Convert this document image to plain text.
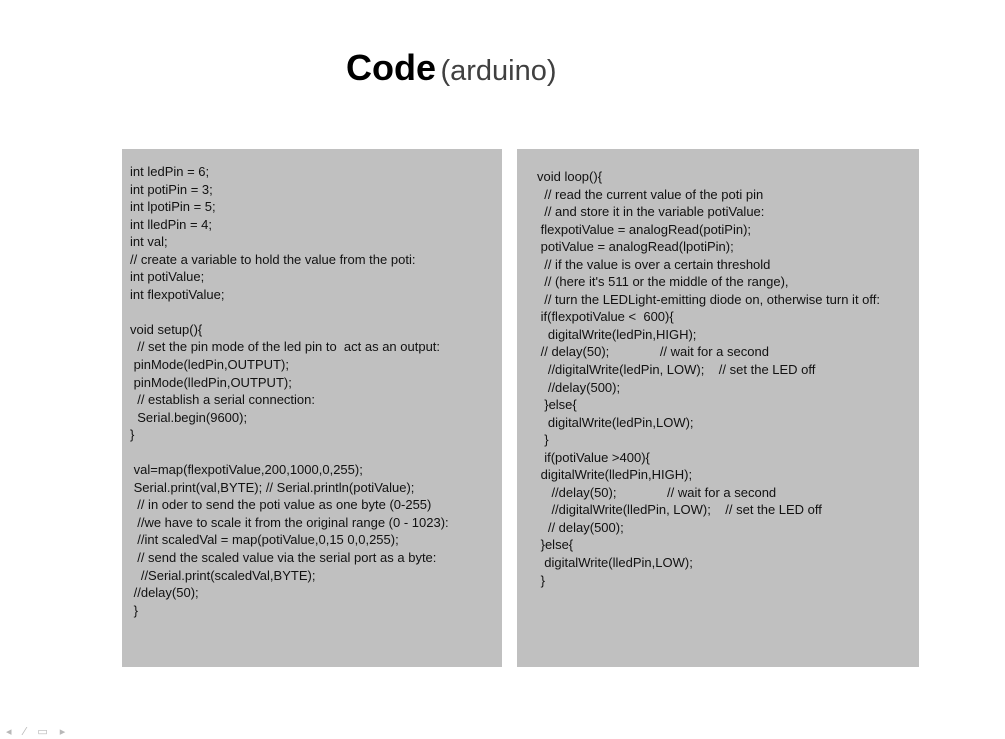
Code (arduino)
int ledPin = 6;
int potiPin = 3;
int lpotiPin = 5;
int lledPin = 4;
int val;
// create a variable to hold the value from the poti:
int potiValue;
int flexpotiValue;
void setup(){
// set the pin mode of the led pin to  act as an output:
pinMode(ledPin,OUTPUT);
pinMode(lledPin,OUTPUT);
// establish a serial connection:
Serial.begin(9600);
}
val=map(flexpotiValue,200,1000,0,255);
Serial.print(val,BYTE); // Serial.println(potiValue);
// in oder to send the poti value as one byte (0-255)
//we have to scale it from the original range (0 - 1023):
//int scaledVal = map(potiValue,0,15 0,0,255);
// send the scaled value via the serial port as a byte:
//Serial.print(scaledVal,BYTE);
//delay(50);
}
void loop(){
// read the current value of the poti pin
// and store it in the variable potiValue:
flexpotiValue = analogRead(potiPin);
potiValue = analogRead(lpotiPin);
// if the value is over a certain threshold
// (here it's 511 or the middle of the range),
// turn the LEDLight-emitting diode on, otherwise turn it off:
if(flexpotiValue <  600){
digitalWrite(ledPin,HIGH);
// delay(50);              // wait for a second
//digitalWrite(ledPin, LOW);    // set the LED off
//delay(500);
}else{
digitalWrite(ledPin,LOW);
}
if(potiValue >400){
digitalWrite(lledPin,HIGH);
//delay(50);              // wait for a second
//digitalWrite(lledPin, LOW);    // set the LED off
// delay(500);
}else{
digitalWrite(lledPin,LOW);
}
◂ ⁄ ▭ ▸
